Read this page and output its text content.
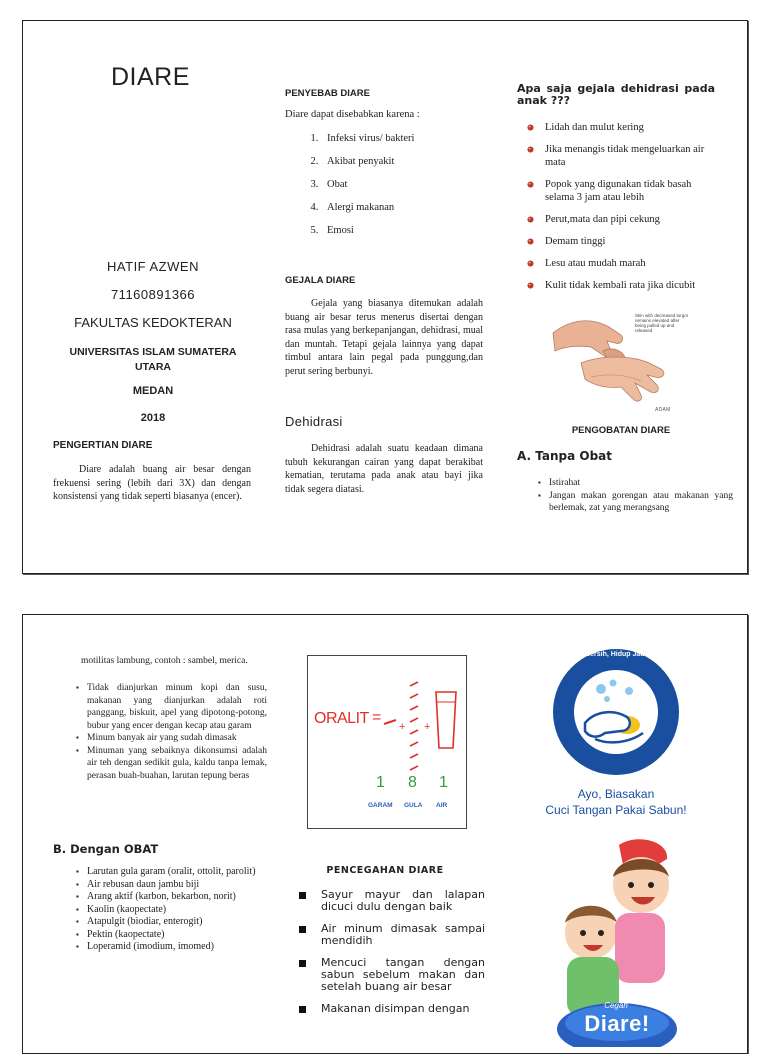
DIARE
HATIF AZWEN
71160891366
FAKULTAS KEDOKTERAN
UNIVERSITAS ISLAM SUMATERA UTARA
MEDAN
2018
PENGERTIAN DIARE
Diare adalah buang air besar dengan frekuensi sering (lebih dari 3X) dan dengan konsistensi yang tidak seperti biasanya (encer).
PENYEBAB DIARE
Diare dapat disebabkan karena :
1. Infeksi virus/ bakteri
2. Akibat penyakit
3. Obat
4. Alergi makanan
5. Emosi
GEJALA DIARE
Gejala yang biasanya ditemukan adalah buang air besar terus menerus disertai dengan rasa mulas yang berkepanjangan, dehidrasi, mual dan muntah. Tetapi gejala lainnya yang dapat timbul antara lain pegal pada punggung,dan perut sering berbunyi.
Dehidrasi
Dehidrasi adalah suatu keadaan dimana tubuh kekurangan cairan yang dapat berakibat kematian, terutama pada anak atau bayi jika tidak segera diatasi.
Apa saja gejala dehidrasi pada anak ???
Lidah dan mulut kering
Jika menangis tidak mengeluarkan air mata
Popok yang digunakan tidak basah selama 3 jam atau lebih
Perut,mata dan pipi cekung
Demam tinggi
Lesu atau mudah marah
Kulit tidak kembali rata jika dicubit
Skin with decreased turgor remains elevated after being pulled up and released
ADAM
PENGOBATAN DIARE
A. Tanpa Obat
▪ Istirahat
▪ Jangan makan gorengan atau makanan yang berlemak, zat yang merangsang
motilitas lambung, contoh : sambel, merica.
▪ Tidak dianjurkan minum kopi dan susu, makanan yang dianjurkan adalah roti panggang, biskuit, apel yang dipotong-potong, bubur yang encer dengan kecap atau garam
▪ Minum banyak air yang sudah dimasak
▪ Minuman yang sebaiknya dikonsumsi adalah air teh dengan sedikit gula, kaldu tanpa lemak, perasan buah-buahan, larutan tepung beras
B. Dengan OBAT
▪ Larutan gula garam (oralit, ottolit, parolit)
▪ Air rebusan daun jambu biji
▪ Arang aktif (karbon, bekarbon, norit)
▪ Kaolin (kaopectate)
▪ Atapulgit (biodiar, enterogit)
▪ Pektin (kaopectate)
▪ Loperamid (imodium, imomed)
ORALIT =
+ +
1 8 1
GARAM GULA AIR
PENCEGAHAN DIARE
Sayur mayur dan lalapan dicuci dulu dengan baik
Air minum dimasak sampai mendidih
Mencuci tangan dengan sabun sebelum makan dan setelah buang air besar
Makanan disimpan dengan
Biasa Bersih, Hidup Jadi Sehat
Ayo, Biasakan
Cuci Tangan Pakai Sabun!
Cegah
Diare!
